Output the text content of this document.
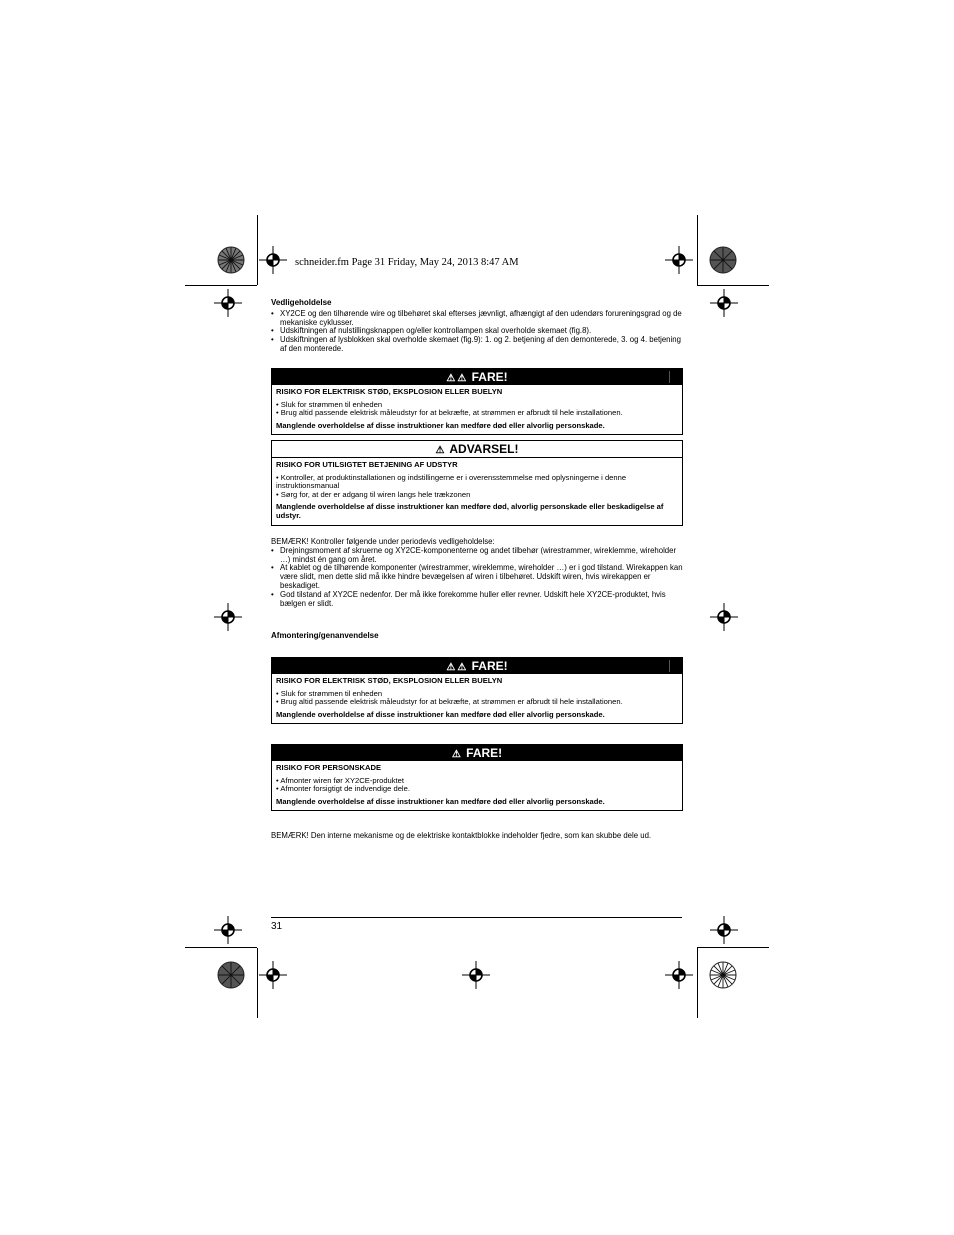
schneider.fm Page 31 Friday, May 24, 2013 8:47 AM
Vedligeholdelse
• XY2CE og den tilhørende wire og tilbehøret skal efterses jævnligt, afhængigt af den udendørs forureningsgrad og de mekaniske cyklusser.
• Udskiftningen af nulstillingsknappen og/eller kontrollampen skal overholde skemaet (fig.8).
• Udskiftningen af lysblokken skal overholde skemaet (fig.9): 1. og 2. betjening af den demonterede, 3. og 4. betjening af den monterede.
⚠ ⚠ FARE!
RISIKO FOR ELEKTRISK STØD, EKSPLOSION ELLER BUELYN
• Sluk for strømmen til enheden
• Brug altid passende elektrisk måleudstyr for at bekræfte, at strømmen er afbrudt til hele installationen.
Manglende overholdelse af disse instruktioner kan medføre død eller alvorlig personskade.
⚠ ADVARSEL!
RISIKO FOR UTILSIGTET BETJENING AF UDSTYR
• Kontroller, at produktinstallationen og indstillingerne er i overensstemmelse med oplysningerne i denne instruktionsmanual
• Sørg for, at der er adgang til wiren langs hele trækzonen
Manglende overholdelse af disse instruktioner kan medføre død, alvorlig personskade eller beskadigelse af udstyr.
BEMÆRK! Kontroller følgende under periodevis vedligeholdelse:
• Drejningsmoment af skruerne og XY2CE-komponenterne og andet tilbehør (wirestrammer, wireklemme, wireholder …) mindst én gang om året.
• At kablet og de tilhørende komponenter (wirestrammer, wireklemme, wireholder …) er i god tilstand. Wirekappen kan være slidt, men dette slid må ikke hindre bevægelsen af wiren i tilbehøret. Udskift wiren, hvis wirekappen er beskadiget.
• God tilstand af XY2CE nedenfor. Der må ikke forekomme huller eller revner. Udskift hele XY2CE-produktet, hvis bælgen er slidt.
Afmontering/genanvendelse
⚠ ⚠ FARE!
RISIKO FOR ELEKTRISK STØD, EKSPLOSION ELLER BUELYN
• Sluk for strømmen til enheden
• Brug altid passende elektrisk måleudstyr for at bekræfte, at strømmen er afbrudt til hele installationen.
Manglende overholdelse af disse instruktioner kan medføre død eller alvorlig personskade.
⚠ FARE!
RISIKO FOR PERSONSKADE
• Afmonter wiren før XY2CE-produktet
• Afmonter forsigtigt de indvendige dele.
Manglende overholdelse af disse instruktioner kan medføre død eller alvorlig personskade.
BEMÆRK! Den interne mekanisme og de elektriske kontaktblokke indeholder fjedre, som kan skubbe dele ud.
31
